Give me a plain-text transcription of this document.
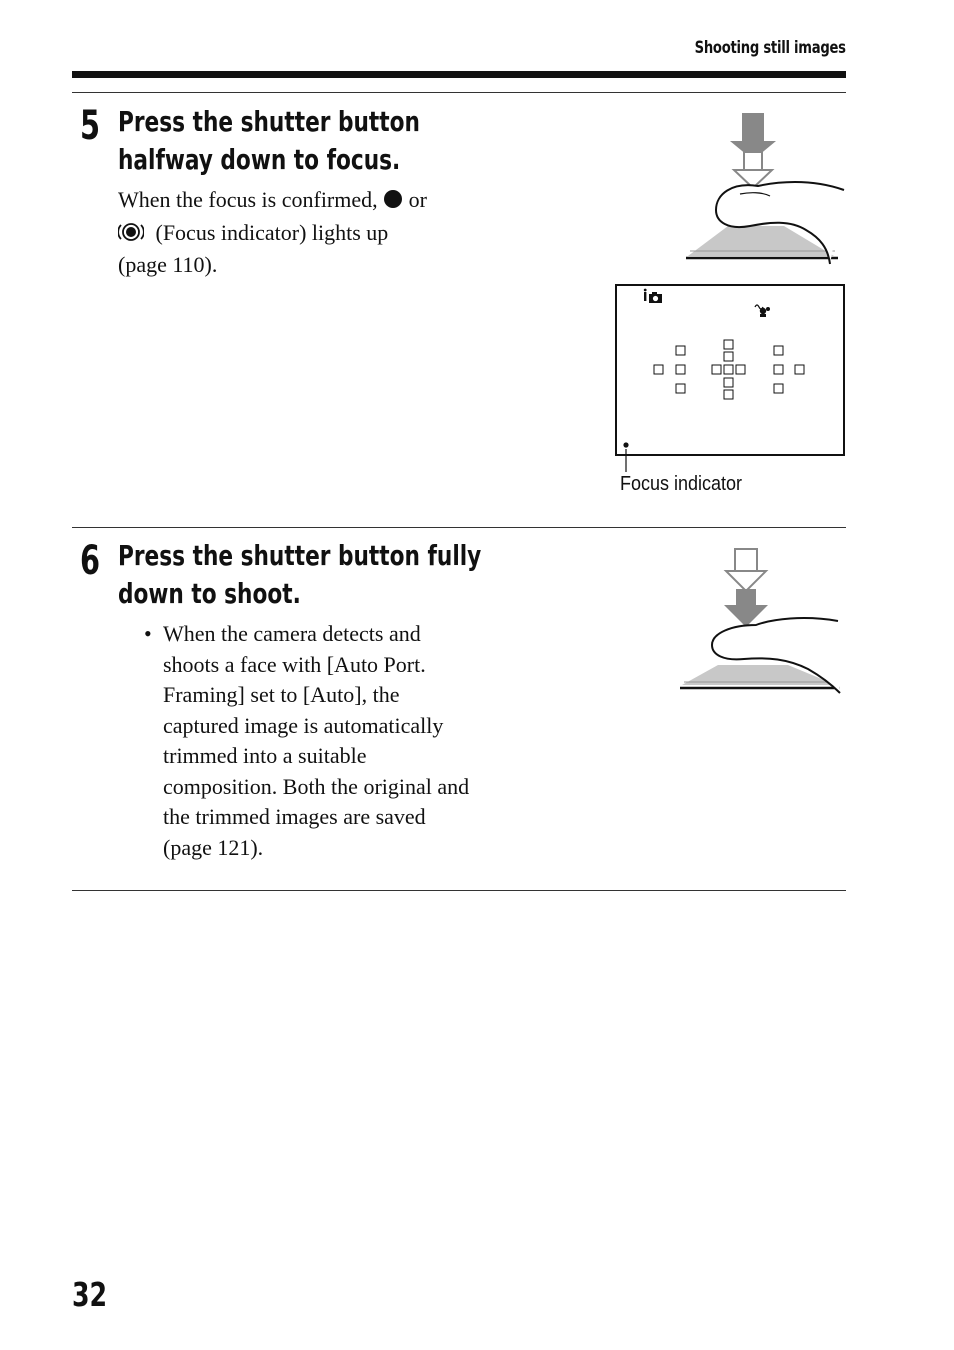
Shooting still images
5 Press the shutter button
halfway down to focus.
When the focus is confirmed, or
(Focus indicator) lights up
(page 110).
Focus indicator
6 Press the shutter button fully
down to shoot.
• When the camera detects and
shoots a face with [Auto Port.
Framing] set to [Auto], the
captured image is automatically
trimmed into a suitable
composition. Both the original and
the trimmed images are saved
(page 121).
32
